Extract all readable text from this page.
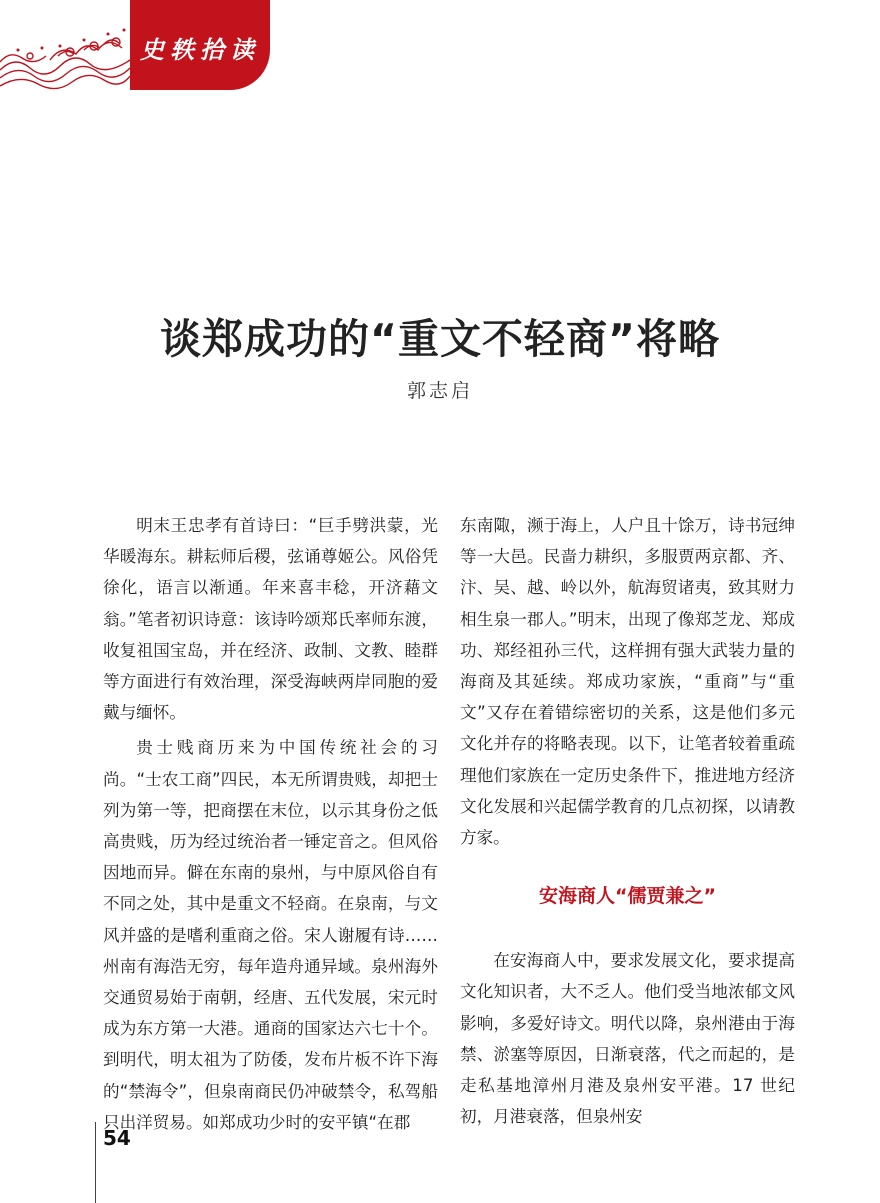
史轶拾读
谈郑成功的“重文不轻商”将略
郭志启

明末王忠孝有首诗曰：“巨手劈洪蒙，光华暖海东。耕耘师后稷，弦诵尊姬公。风俗凭徐化，语言以渐通。年来喜丰稔，开济藉文翁。”笔者初识诗意：该诗吟颂郑氏率师东渡，收复祖国宝岛，并在经济、政制、文教、睦群等方面进行有效治理，深受海峡两岸同胞的爱戴与缅怀。

贵士贱商历来为中国传统社会的习尚。“士农工商”四民，本无所谓贵贱，却把士列为第一等，把商摆在末位，以示其身份之低高贵贱，历为经过统治者一锤定音之。但风俗因地而异。僻在东南的泉州，与中原风俗自有不同之处，其中是重文不轻商。在泉南，与文风并盛的是嗜利重商之俗。宋人谢履有诗……州南有海浩无穷，每年造舟通异域。泉州海外交通贸易始于南朝，经唐、五代发展，宋元时成为东方第一大港。通商的国家达六七十个。到明代，明太祖为了防倭，发布片板不许下海的“禁海令”，但泉南商民仍冲破禁令，私驾船只出洋贸易。如郑成功少时的安平镇“在郡

东南陬，濒于海上，人户且十馀万，诗书冠绅等一大邑。民啬力耕织，多服贾两京都、齐、汴、吴、越、岭以外，航海贸诸夷，致其财力相生泉一郡人。”明末，出现了像郑芝龙、郑成功、郑经祖孙三代，这样拥有强大武装力量的海商及其延续。郑成功家族，“重商”与“重文”又存在着错综密切的关系，这是他们多元文化并存的将略表现。以下，让笔者较着重疏理他们家族在一定历史条件下，推进地方经济文化发展和兴起儒学教育的几点初探，以请教方家。

安海商人“儒贾兼之”

在安海商人中，要求发展文化，要求提高文化知识者，大不乏人。他们受当地浓郁文风影响，多爱好诗文。明代以降，泉州港由于海禁、淤塞等原因，日渐衰落，代之而起的，是走私基地漳州月港及泉州安平港。17 世纪初，月港衰落，但泉州安

54
